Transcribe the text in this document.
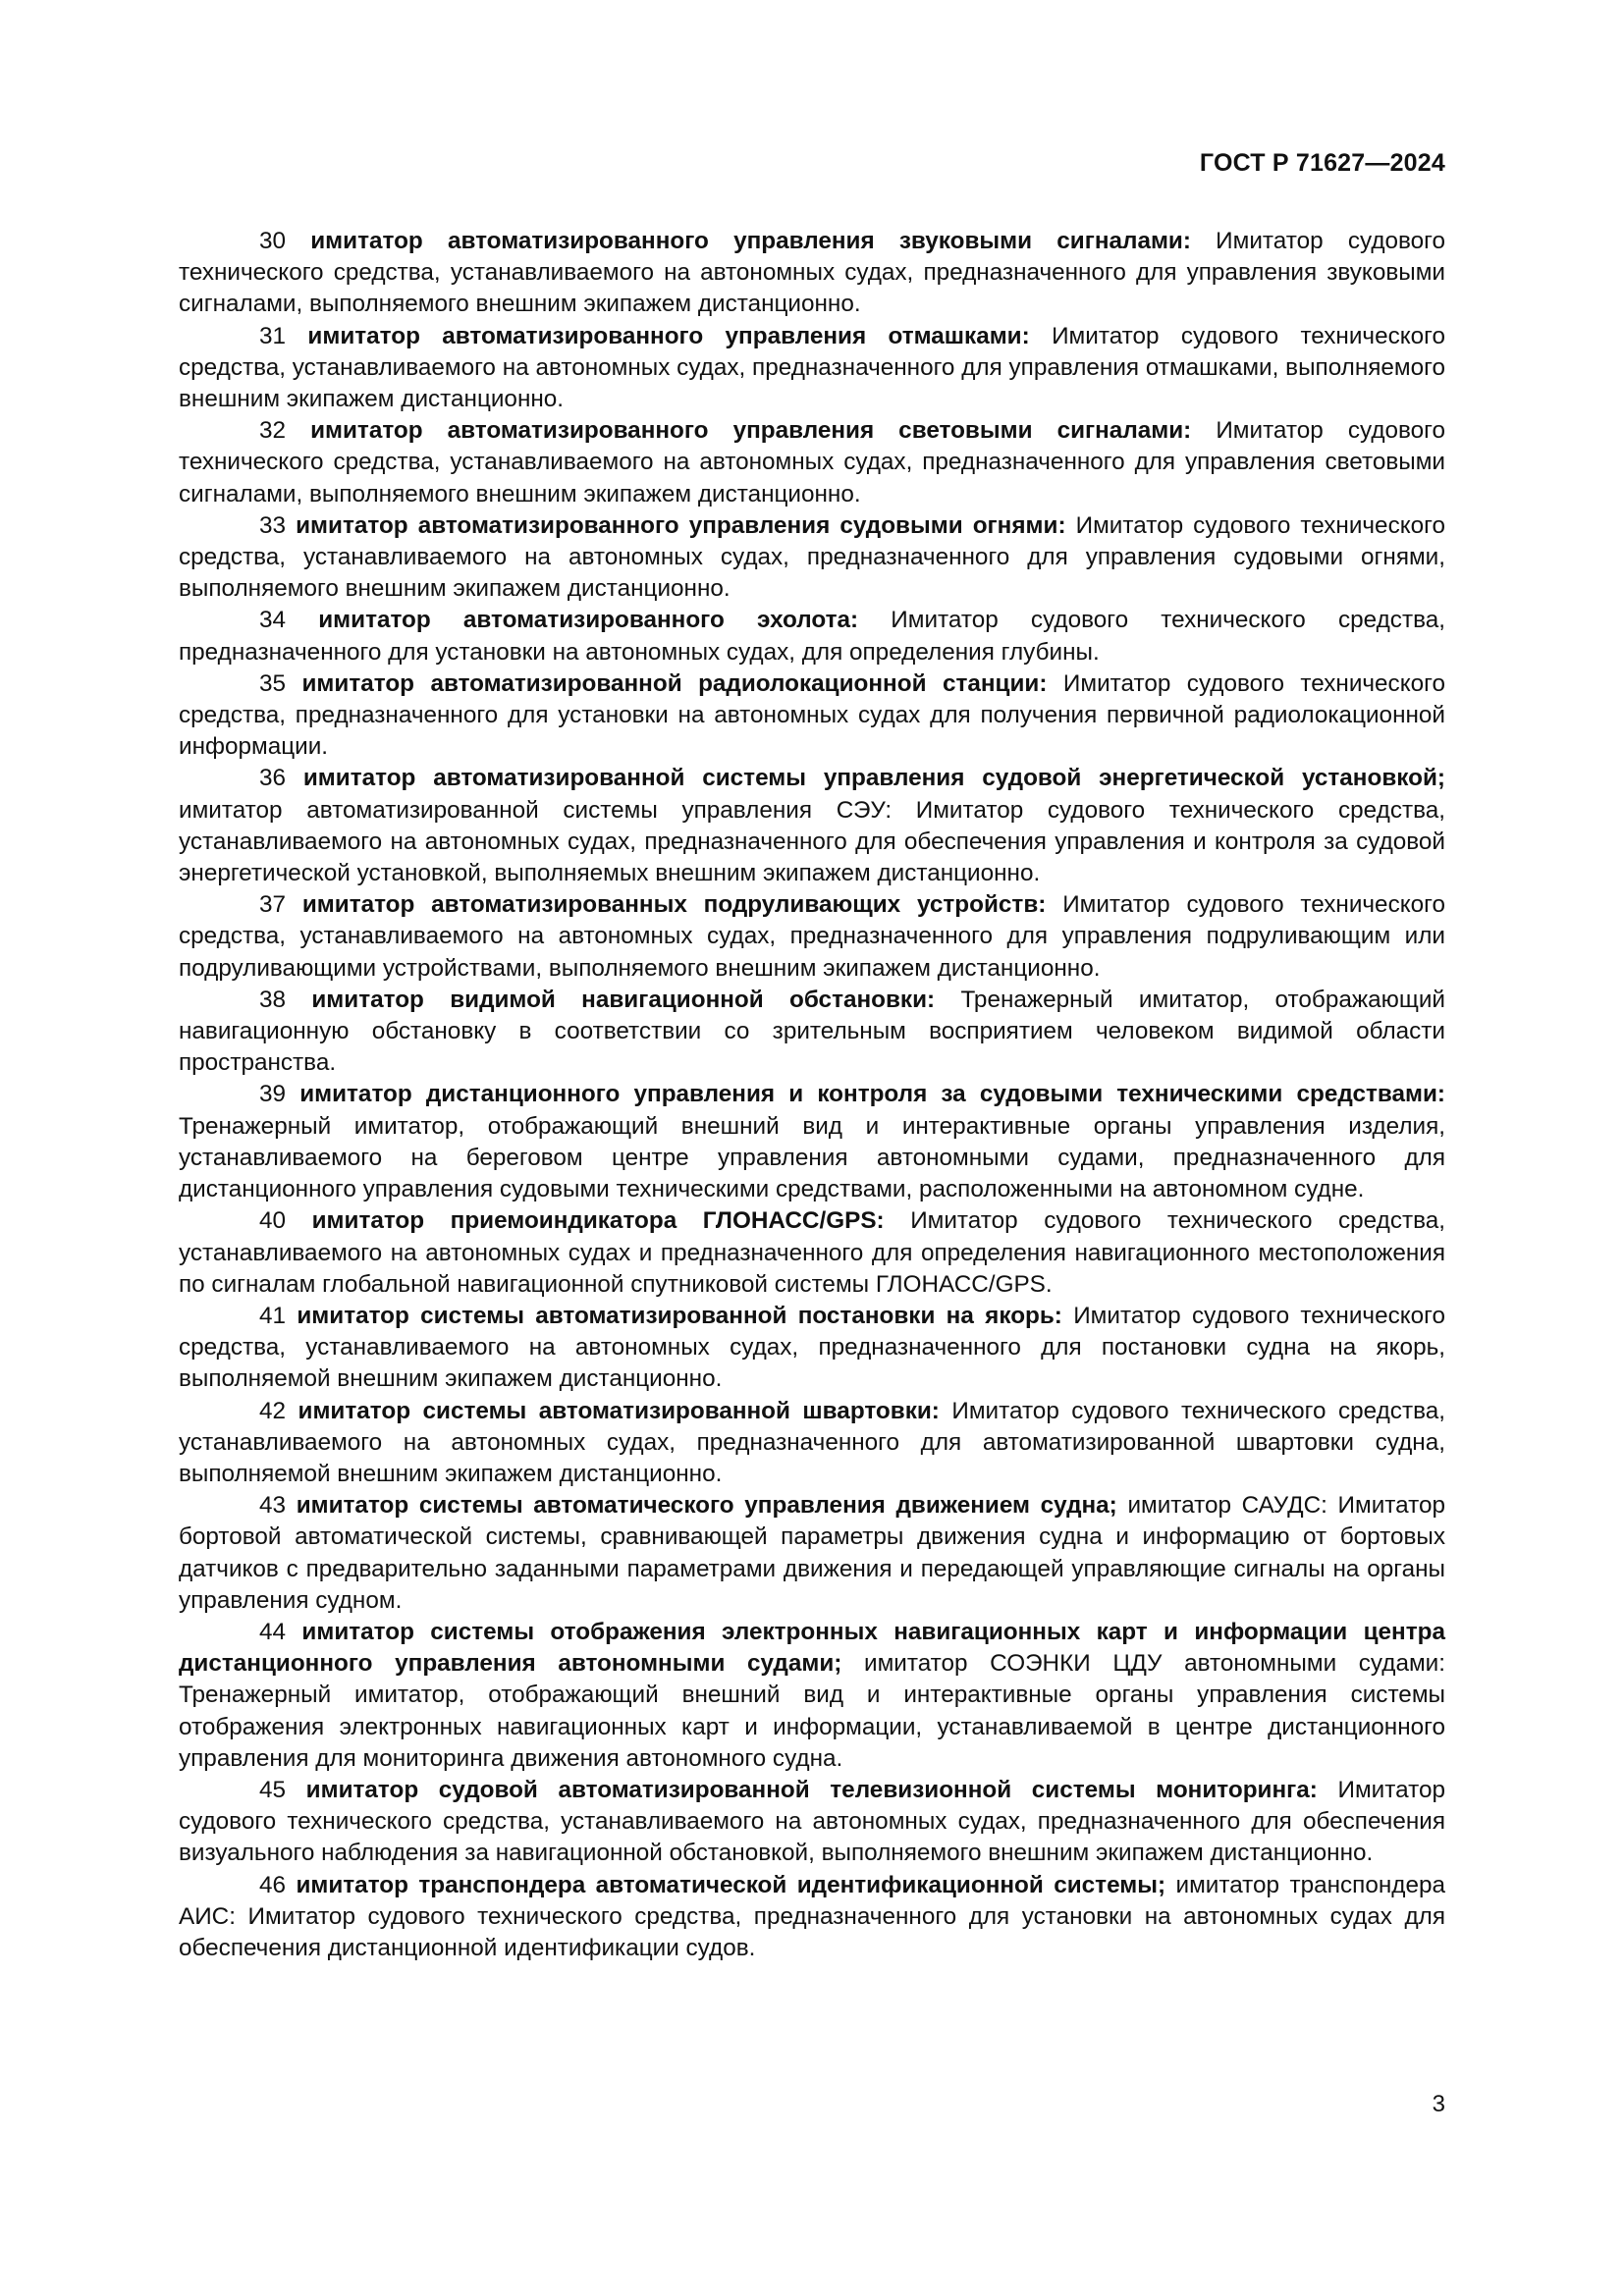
ГОСТ Р 71627—2024

30 имитатор автоматизированного управления звуковыми сигналами: Имитатор судового технического средства, устанавливаемого на автономных судах, предназначенного для управления звуковыми сигналами, выполняемого внешним экипажем дистанционно.

31 имитатор автоматизированного управления отмашками: Имитатор судового технического средства, устанавливаемого на автономных судах, предназначенного для управления отмашками, выполняемого внешним экипажем дистанционно.

32 имитатор автоматизированного управления световыми сигналами: Имитатор судового технического средства, устанавливаемого на автономных судах, предназначенного для управления световыми сигналами, выполняемого внешним экипажем дистанционно.

33 имитатор автоматизированного управления судовыми огнями: Имитатор судового технического средства, устанавливаемого на автономных судах, предназначенного для управления судовыми огнями, выполняемого внешним экипажем дистанционно.

34 имитатор автоматизированного эхолота: Имитатор судового технического средства, предназначенного для установки на автономных судах, для определения глубины.

35 имитатор автоматизированной радиолокационной станции: Имитатор судового технического средства, предназначенного для установки на автономных судах для получения первичной радиолокационной информации.

36 имитатор автоматизированной системы управления судовой энергетической установкой; имитатор автоматизированной системы управления СЭУ: Имитатор судового технического средства, устанавливаемого на автономных судах, предназначенного для обеспечения управления и контроля за судовой энергетической установкой, выполняемых внешним экипажем дистанционно.

37 имитатор автоматизированных подруливающих устройств: Имитатор судового технического средства, устанавливаемого на автономных судах, предназначенного для управления подруливающим или подруливающими устройствами, выполняемого внешним экипажем дистанционно.

38 имитатор видимой навигационной обстановки: Тренажерный имитатор, отображающий навигационную обстановку в соответствии со зрительным восприятием человеком видимой области пространства.

39 имитатор дистанционного управления и контроля за судовыми техническими средствами: Тренажерный имитатор, отображающий внешний вид и интерактивные органы управления изделия, устанавливаемого на береговом центре управления автономными судами, предназначенного для дистанционного управления судовыми техническими средствами, расположенными на автономном судне.

40 имитатор приемоиндикатора ГЛОНАСС/GPS: Имитатор судового технического средства, устанавливаемого на автономных судах и предназначенного для определения навигационного местоположения по сигналам глобальной навигационной спутниковой системы ГЛОНАСС/GPS.

41 имитатор системы автоматизированной постановки на якорь: Имитатор судового технического средства, устанавливаемого на автономных судах, предназначенного для постановки судна на якорь, выполняемой внешним экипажем дистанционно.

42 имитатор системы автоматизированной швартовки: Имитатор судового технического средства, устанавливаемого на автономных судах, предназначенного для автоматизированной швартовки судна, выполняемой внешним экипажем дистанционно.

43 имитатор системы автоматического управления движением судна; имитатор САУДС: Имитатор бортовой автоматической системы, сравнивающей параметры движения судна и информацию от бортовых датчиков с предварительно заданными параметрами движения и передающей управляющие сигналы на органы управления судном.

44 имитатор системы отображения электронных навигационных карт и информации центра дистанционного управления автономными судами; имитатор СОЭНКИ ЦДУ автономными судами: Тренажерный имитатор, отображающий внешний вид и интерактивные органы управления системы отображения электронных навигационных карт и информации, устанавливаемой в центре дистанционного управления для мониторинга движения автономного судна.

45 имитатор судовой автоматизированной телевизионной системы мониторинга: Имитатор судового технического средства, устанавливаемого на автономных судах, предназначенного для обеспечения визуального наблюдения за навигационной обстановкой, выполняемого внешним экипажем дистанционно.

46 имитатор транспондера автоматической идентификационной системы; имитатор транспондера АИС: Имитатор судового технического средства, предназначенного для установки на автономных судах для обеспечения дистанционной идентификации судов.

3
